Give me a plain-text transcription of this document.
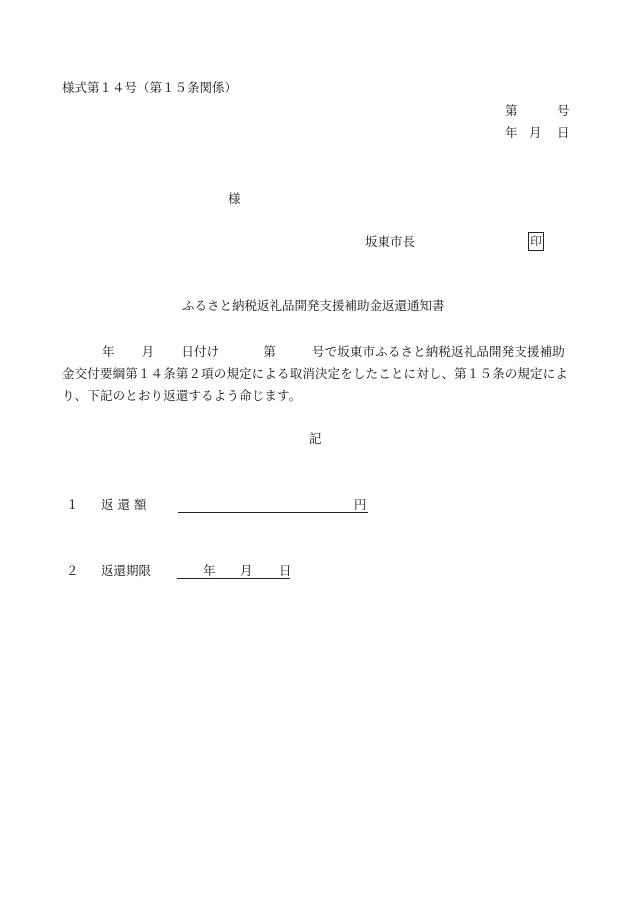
様式第１４号（第１５条関係）
第	号
年 月 日
様
坂東市長	印
ふるさと納税返礼品開発支援補助金返還通知書
年 月 日付け	第	号で坂東市ふるさと納税返礼品開発支援補助
金交付要綱第１４条第２項の規定による取消決定をしたことに対し、第１５条の規定によ
り、下記のとおり返還するよう命じます。
記
１ 返 還 額	円
２ 返還期限	年 月 日
